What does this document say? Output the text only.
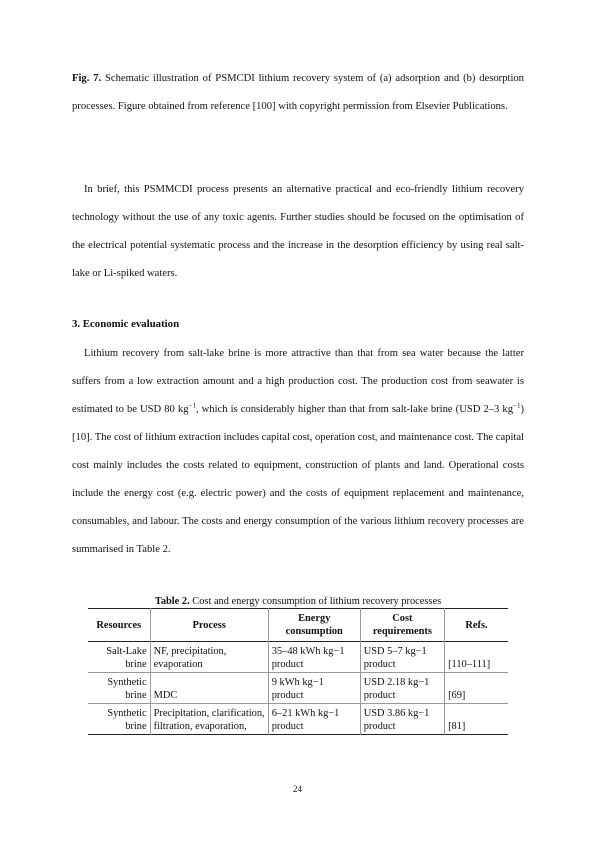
Fig. 7. Schematic illustration of PSMCDI lithium recovery system of (a) adsorption and (b) desorption processes. Figure obtained from reference [100] with copyright permission from Elsevier Publications.

In brief, this PSMMCDI process presents an alternative practical and eco-friendly lithium recovery technology without the use of any toxic agents. Further studies should be focused on the optimisation of the electrical potential systematic process and the increase in the desorption efficiency by using real salt-lake or Li-spiked waters.

3. Economic evaluation

Lithium recovery from salt-lake brine is more attractive than that from sea water because the latter suffers from a low extraction amount and a high production cost. The production cost from seawater is estimated to be USD 80 $kg^{-1}$, which is considerably higher than that from salt-lake brine (USD 2–3 $kg^{-1}$) [10]. The cost of lithium extraction includes capital cost, operation cost, and maintenance cost. The capital cost mainly includes the costs related to equipment, construction of plants and land. Operational costs include the energy cost (e.g. electric power) and the costs of equipment replacement and maintenance, consumables, and labour. The costs and energy consumption of the various lithium recovery processes are summarised in Table 2.

Table 2. Cost and energy consumption of lithium recovery processes
Resources	Process	Energy consumption	Cost requirements	Refs.
Salt-Lake brine	NF, precipitation, evaporation	35–48 kWh kg−1 product	USD 5–7 kg−1 product	[110–111]
Synthetic brine	MDC	9 kWh kg−1 product	USD 2.18 kg−1 product	[69]
Synthetic brine	Precipitation, clarification, filtration, evaporation,	6–21 kWh kg−1 product	USD 3.86 kg−1 product	[81]
24
